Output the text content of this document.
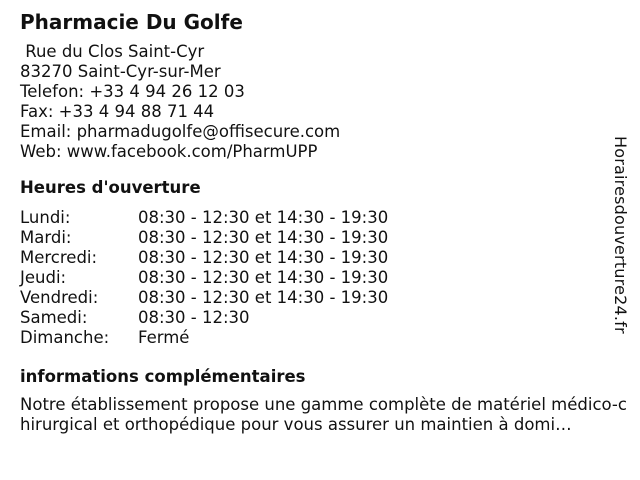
Pharmacie Du Golfe
Rue du Clos Saint-Cyr
83270 Saint-Cyr-sur-Mer
Telefon: +33 4 94 26 12 03
Fax: +33 4 94 88 71 44
Email: pharmadugolfe@offisecure.com
Web: www.facebook.com/PharmUPP
Heures d'ouverture
Lundi:	08:30 - 12:30 et 14:30 - 19:30
Mardi:	08:30 - 12:30 et 14:30 - 19:30
Mercredi:	08:30 - 12:30 et 14:30 - 19:30
Jeudi:	08:30 - 12:30 et 14:30 - 19:30
Vendredi:	08:30 - 12:30 et 14:30 - 19:30
Samedi:	08:30 - 12:30
Dimanche:	Fermé
informations complémentaires
Notre établissement propose une gamme complète de matériel médico-chirurgical et orthopédique pour vous assurer un maintien à domi…
Horairesdouverture24.fr
